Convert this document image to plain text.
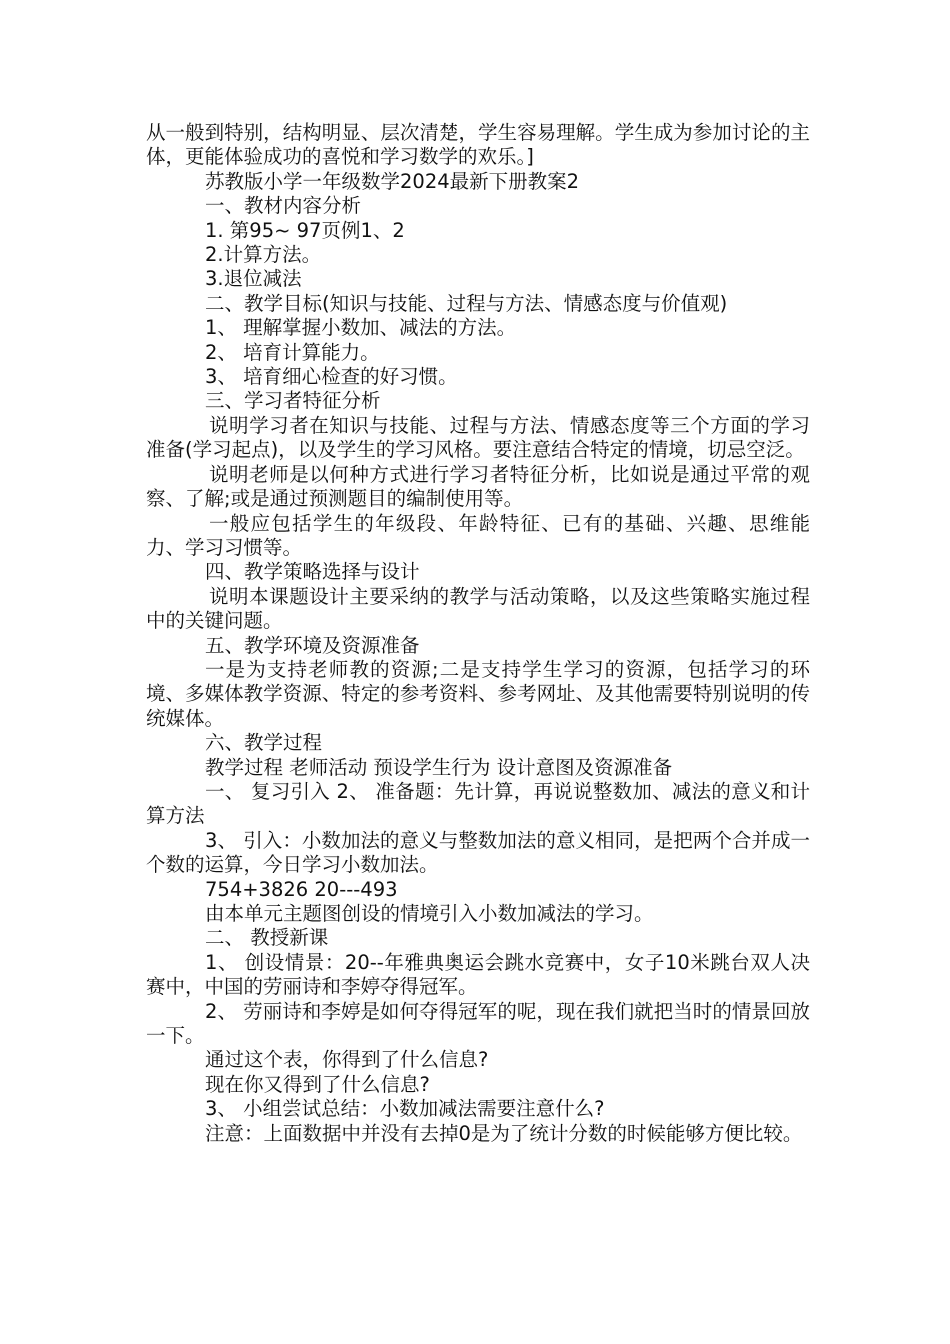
从一般到特别，结构明显、层次清楚，学生容易理解。学生成为参加讨论的主体，更能体验成功的喜悦和学习数学的欢乐。]

苏教版小学一年级数学2024最新下册教案2

一、教材内容分析

1. 第95~ 97页例1、2

2.计算方法。

3.退位减法

二、教学目标(知识与技能、过程与方法、情感态度与价值观)

1、 理解掌握小数加、减法的方法。

2、 培育计算能力。

3、 培育细心检查的好习惯。

三、学习者特征分析

说明学习者在知识与技能、过程与方法、情感态度等三个方面的学习准备(学习起点)，以及学生的学习风格。要注意结合特定的情境，切忌空泛。

说明老师是以何种方式进行学习者特征分析，比如说是通过平常的观察、了解;或是通过预测题目的编制使用等。

一般应包括学生的年级段、年龄特征、已有的基础、兴趣、思维能力、学习习惯等。

四、教学策略选择与设计

说明本课题设计主要采纳的教学与活动策略，以及这些策略实施过程中的关键问题。

五、教学环境及资源准备

一是为支持老师教的资源;二是支持学生学习的资源，包括学习的环境、多媒体教学资源、特定的参考资料、参考网址、及其他需要特别说明的传统媒体。

六、教学过程

教学过程 老师活动 预设学生行为 设计意图及资源准备

一、 复习引入 2、 准备题：先计算，再说说整数加、减法的意义和计算方法

3、 引入：小数加法的意义与整数加法的意义相同，是把两个合并成一个数的运算，今日学习小数加法。

754+3826 20---493

由本单元主题图创设的情境引入小数加减法的学习。

二、 教授新课

1、 创设情景：20--年雅典奥运会跳水竞赛中，女子10米跳台双人决赛中，中国的劳丽诗和李婷夺得冠军。

2、 劳丽诗和李婷是如何夺得冠军的呢，现在我们就把当时的情景回放一下。

通过这个表，你得到了什么信息?

现在你又得到了什么信息?

3、 小组尝试总结：小数加减法需要注意什么?

注意：上面数据中并没有去掉0是为了统计分数的时候能够方便比较。
